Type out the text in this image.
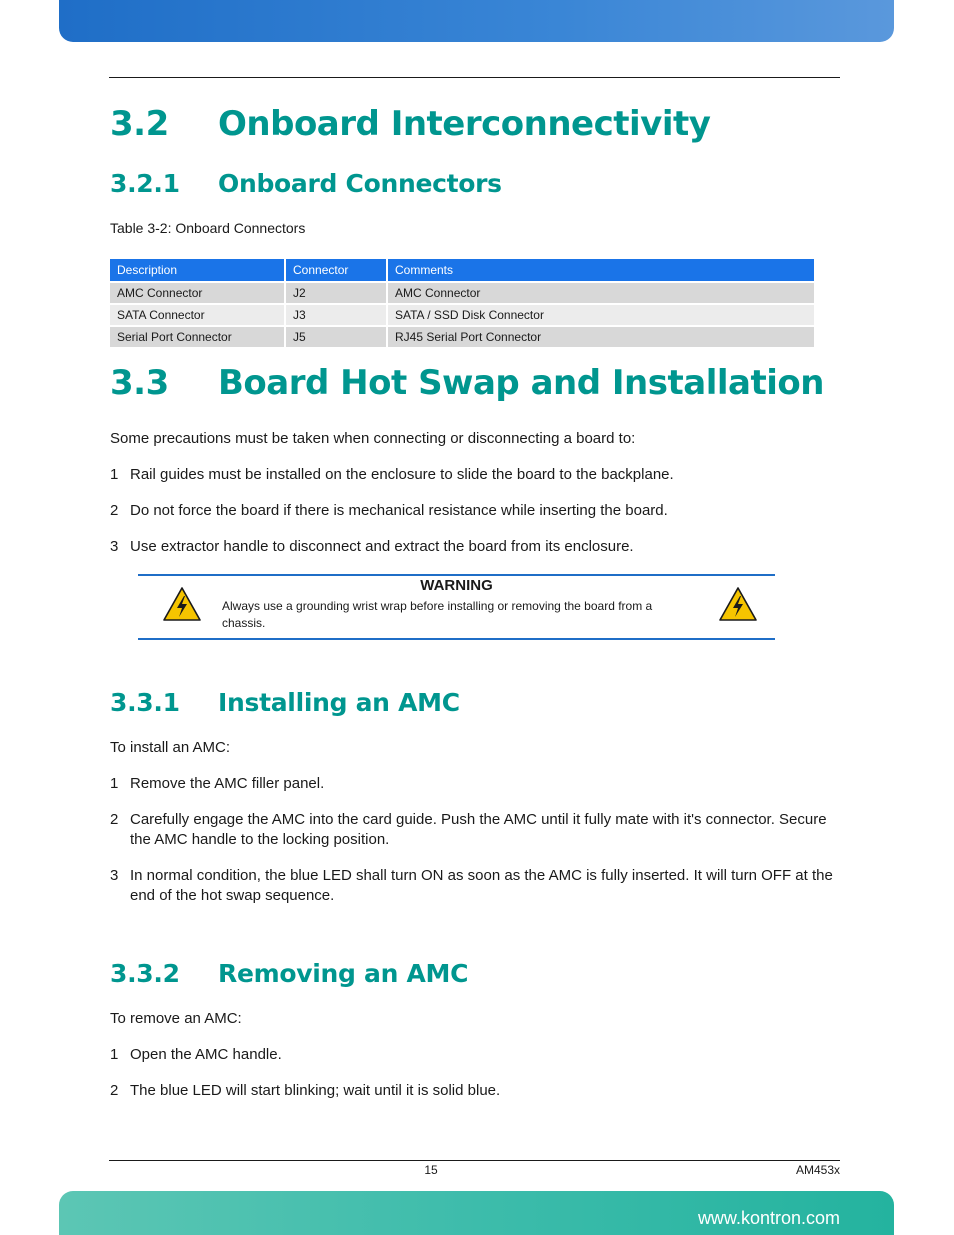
3.2 Onboard Interconnectivity
3.2.1 Onboard Connectors

Table 3-2: Onboard Connectors

Description	Connector	Comments
AMC Connector	J2	AMC Connector
SATA Connector	J3	SATA / SSD Disk Connector
Serial Port Connector	J5	RJ45 Serial Port Connector
3.3 Board Hot Swap and Installation

Some precautions must be taken when connecting or disconnecting a board to:

1 Rail guides must be installed on the enclosure to slide the board to the backplane.
2 Do not force the board if there is mechanical resistance while inserting the board.
3 Use extractor handle to disconnect and extract the board from its enclosure.
WARNING
Always use a grounding wrist wrap before installing or removing the board from a chassis.
3.3.1 Installing an AMC

To install an AMC:

1 Remove the AMC filler panel.
2 Carefully engage the AMC into the card guide. Push the AMC until it fully mate with it's connector. Secure the AMC handle to the locking position.
3 In normal condition, the blue LED shall turn ON as soon as the AMC is fully inserted. It will turn OFF at the end of the hot swap sequence.
3.3.2 Removing an AMC

To remove an AMC:

1 Open the AMC handle.
2 The blue LED will start blinking; wait until it is solid blue.
15	AM453x
www.kontron.com
